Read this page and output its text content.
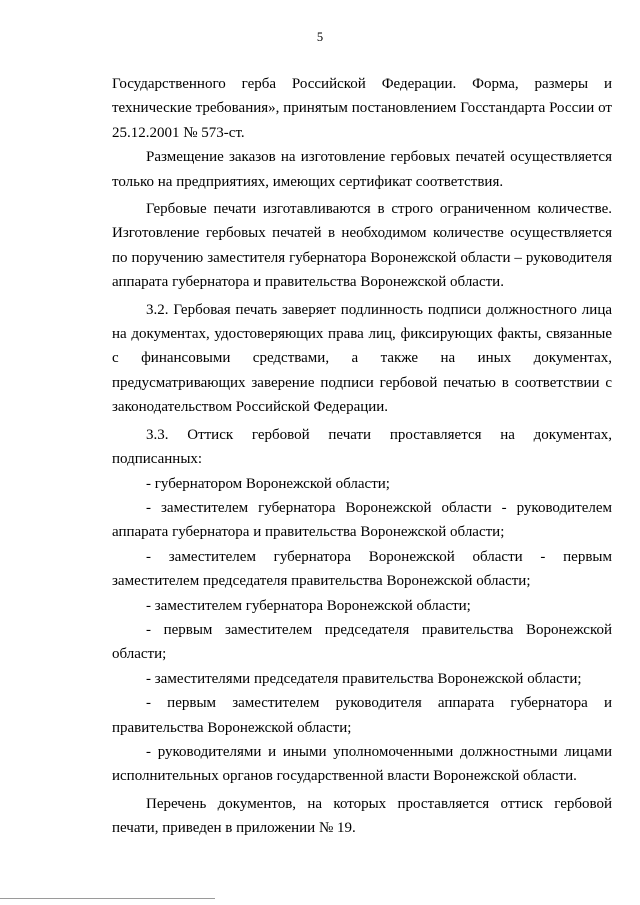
5

Государственного герба Российской Федерации. Форма, размеры и технические требования», принятым постановлением Госстандарта России от 25.12.2001 № 573-ст.

Размещение заказов на изготовление гербовых печатей осуществляется только на предприятиях, имеющих сертификат соответствия.

Гербовые печати изготавливаются в строго ограниченном количестве. Изготовление гербовых печатей в необходимом количестве осуществляется по поручению заместителя губернатора Воронежской области – руководителя аппарата губернатора и правительства Воронежской области.

3.2. Гербовая печать заверяет подлинность подписи должностного лица на документах, удостоверяющих права лиц, фиксирующих факты, связанные с финансовыми средствами, а также на иных документах, предусматривающих заверение подписи гербовой печатью в соответствии с законодательством Российской Федерации.

3.3. Оттиск гербовой печати проставляется на документах, подписанных:

- губернатором Воронежской области;

- заместителем губернатора Воронежской области - руководителем аппарата губернатора и правительства Воронежской области;

- заместителем губернатора Воронежской области - первым заместителем председателя правительства Воронежской области;

- заместителем губернатора Воронежской области;

- первым заместителем председателя правительства Воронежской области;

- заместителями председателя правительства Воронежской области;

- первым заместителем руководителя аппарата губернатора и правительства Воронежской области;

- руководителями и иными уполномоченными должностными лицами исполнительных органов государственной власти Воронежской области.

Перечень документов, на которых проставляется оттиск гербовой печати, приведен в приложении № 19.
